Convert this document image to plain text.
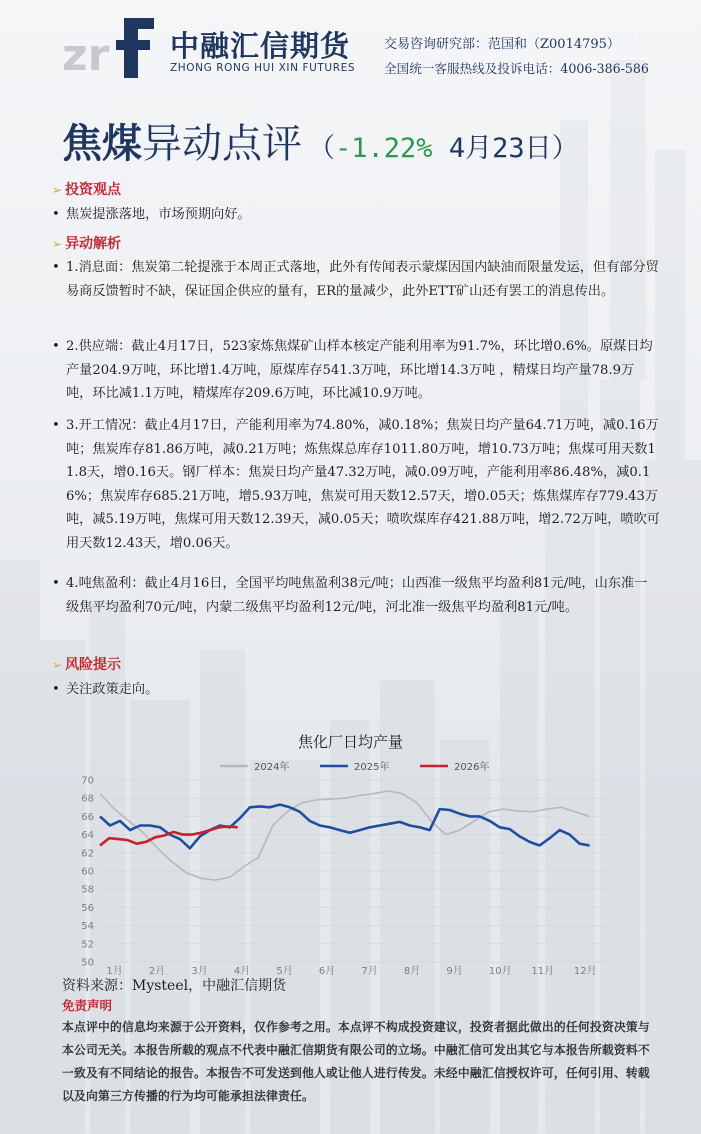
zr 中融汇信期货
ZHONG RONG HUI XIN FUTURES
交易咨询研究部：范国和（Z0014795）
全国统一客服热线及投诉电话：4006-386-586
焦煤异动点评 （-1.22% 4月23日）
➢ 投资观点
• 焦炭提涨落地，市场预期向好。
➢ 异动解析
• 1.消息面：焦炭第二轮提涨于本周正式落地，此外有传闻表示蒙煤因国内缺油而限量发运，但有部分贸易商反馈暂时不缺，保证国企供应的量有，ER的量减少，此外ETT矿山还有罢工的消息传出。
• 2.供应端：截止4月17日，523家炼焦煤矿山样本核定产能利用率为91.7%，环比增0.6%。原煤日均产量204.9万吨，环比增1.4万吨，原煤库存541.3万吨，环比增14.3万吨 ，精煤日均产量78.9万吨，环比减1.1万吨，精煤库存209.6万吨，环比减10.9万吨。
• 3.开工情况：截止4月17日，产能利用率为74.80%，减0.18%；焦炭日均产量64.71万吨，减0.16万吨；焦炭库存81.86万吨，减0.21万吨；炼焦煤总库存1011.80万吨，增10.73万吨；焦煤可用天数11.8天，增0.16天。钢厂样本：焦炭日均产量47.32万吨，减0.09万吨，产能利用率86.48%，减0.16%；焦炭库存685.21万吨，增5.93万吨，焦炭可用天数12.57天，增0.05天；炼焦煤库存779.43万吨，减5.19万吨，焦煤可用天数12.39天，减0.05天；喷吹煤库存421.88万吨，增2.72万吨，喷吹可用天数12.43天，增0.06天。
• 4.吨焦盈利：截止4月16日，全国平均吨焦盈利38元/吨；山西准一级焦平均盈利81元/吨，山东准一级焦平均盈利70元/吨，内蒙二级焦平均盈利12元/吨，河北准一级焦平均盈利81元/吨。
➢ 风险提示
• 关注政策走向。
焦化厂日均产量
50
52
54
56
58
60
62
64
66
68
70
1月	2月	3月	4月	5月	6月	7月	8月	9月	10月 11月 12月
2024年	2025年	2026年
资料来源：Mysteel，中融汇信期货
免责声明
本点评中的信息均来源于公开资料，仅作参考之用。本点评不构成投资建议，投资者据此做出的任何投资决策与本公司无关。本报告所载的观点不代表中融汇信期货有限公司的立场。中融汇信可发出其它与本报告所载资料不一致及有不同结论的报告。本报告不可发送到他人或让他人进行传发。未经中融汇信授权许可，任何引用、转载以及向第三方传播的行为均可能承担法律责任。
